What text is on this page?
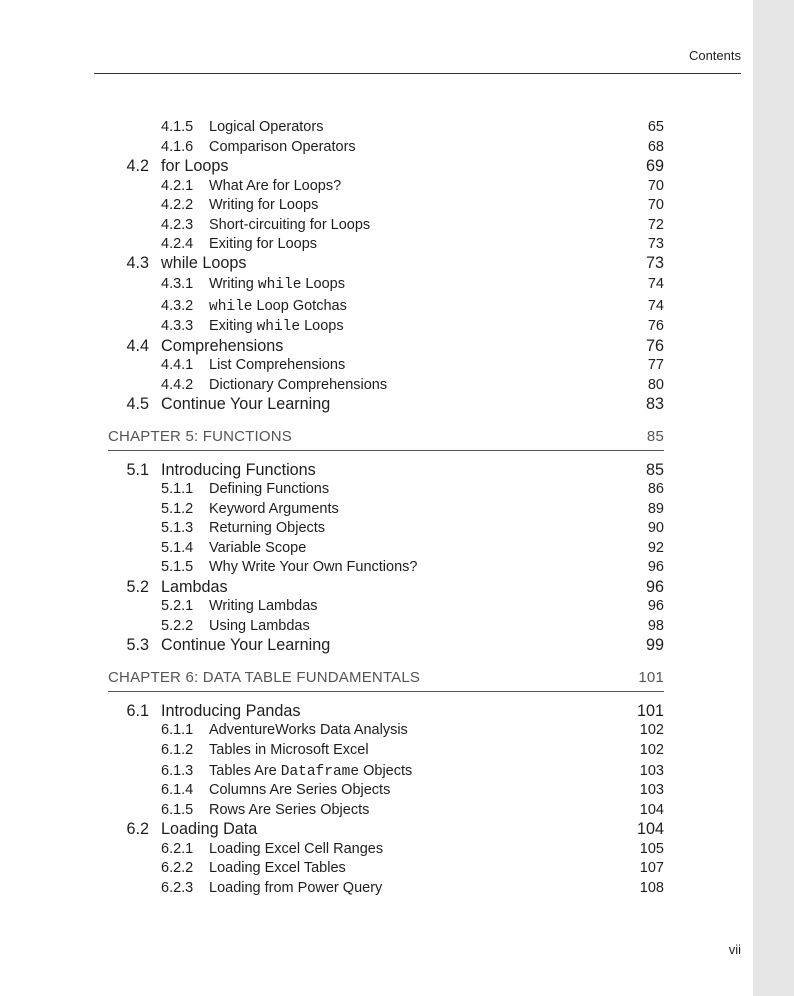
Contents
4.1.5 Logical Operators	65
4.1.6 Comparison Operators	68
4.2 for Loops	69
4.2.1 What Are for Loops?	70
4.2.2 Writing for Loops	70
4.2.3 Short-circuiting for Loops	72
4.2.4 Exiting for Loops	73
4.3 while Loops	73
4.3.1 Writing while Loops	74
4.3.2 while Loop Gotchas	74
4.3.3 Exiting while Loops	76
4.4 Comprehensions	76
4.4.1 List Comprehensions	77
4.4.2 Dictionary Comprehensions	80
4.5 Continue Your Learning	83
CHAPTER 5: FUNCTIONS	85
5.1 Introducing Functions	85
5.1.1 Defining Functions	86
5.1.2 Keyword Arguments	89
5.1.3 Returning Objects	90
5.1.4 Variable Scope	92
5.1.5 Why Write Your Own Functions?	96
5.2 Lambdas	96
5.2.1 Writing Lambdas	96
5.2.2 Using Lambdas	98
5.3 Continue Your Learning	99
CHAPTER 6: DATA TABLE FUNDAMENTALS	101
6.1 Introducing Pandas	101
6.1.1 AdventureWorks Data Analysis	102
6.1.2 Tables in Microsoft Excel	102
6.1.3 Tables Are Dataframe Objects	103
6.1.4 Columns Are Series Objects	103
6.1.5 Rows Are Series Objects	104
6.2 Loading Data	104
6.2.1 Loading Excel Cell Ranges	105
6.2.2 Loading Excel Tables	107
6.2.3 Loading from Power Query	108
vii
